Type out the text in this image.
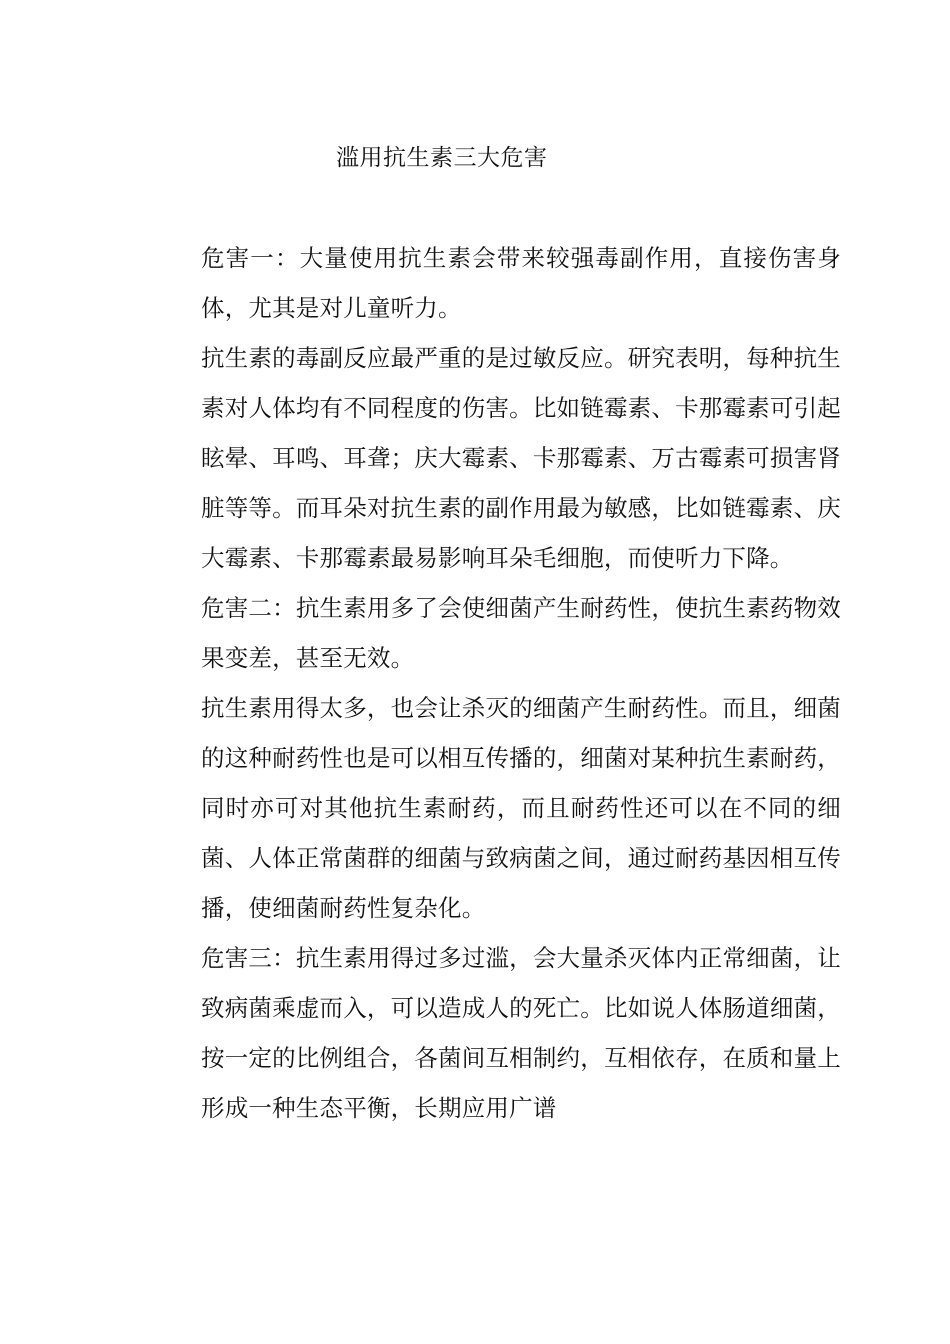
滥用抗生素三大危害

危害一：大量使用抗生素会带来较强毒副作用，直接伤害身体，尤其是对儿童听力。

抗生素的毒副反应最严重的是过敏反应。研究表明，每种抗生素对人体均有不同程度的伤害。比如链霉素、卡那霉素可引起眩晕、耳鸣、耳聋；庆大霉素、卡那霉素、万古霉素可损害肾脏等等。而耳朵对抗生素的副作用最为敏感，比如链霉素、庆大霉素、卡那霉素最易影响耳朵毛细胞，而使听力下降。

危害二：抗生素用多了会使细菌产生耐药性，使抗生素药物效果变差，甚至无效。

抗生素用得太多，也会让杀灭的细菌产生耐药性。而且，细菌的这种耐药性也是可以相互传播的，细菌对某种抗生素耐药，同时亦可对其他抗生素耐药，而且耐药性还可以在不同的细菌、人体正常菌群的细菌与致病菌之间，通过耐药基因相互传播，使细菌耐药性复杂化。

危害三：抗生素用得过多过滥，会大量杀灭体内正常细菌，让致病菌乘虚而入，可以造成人的死亡。比如说人体肠道细菌，按一定的比例组合，各菌间互相制约，互相依存，在质和量上形成一种生态平衡，长期应用广谱
